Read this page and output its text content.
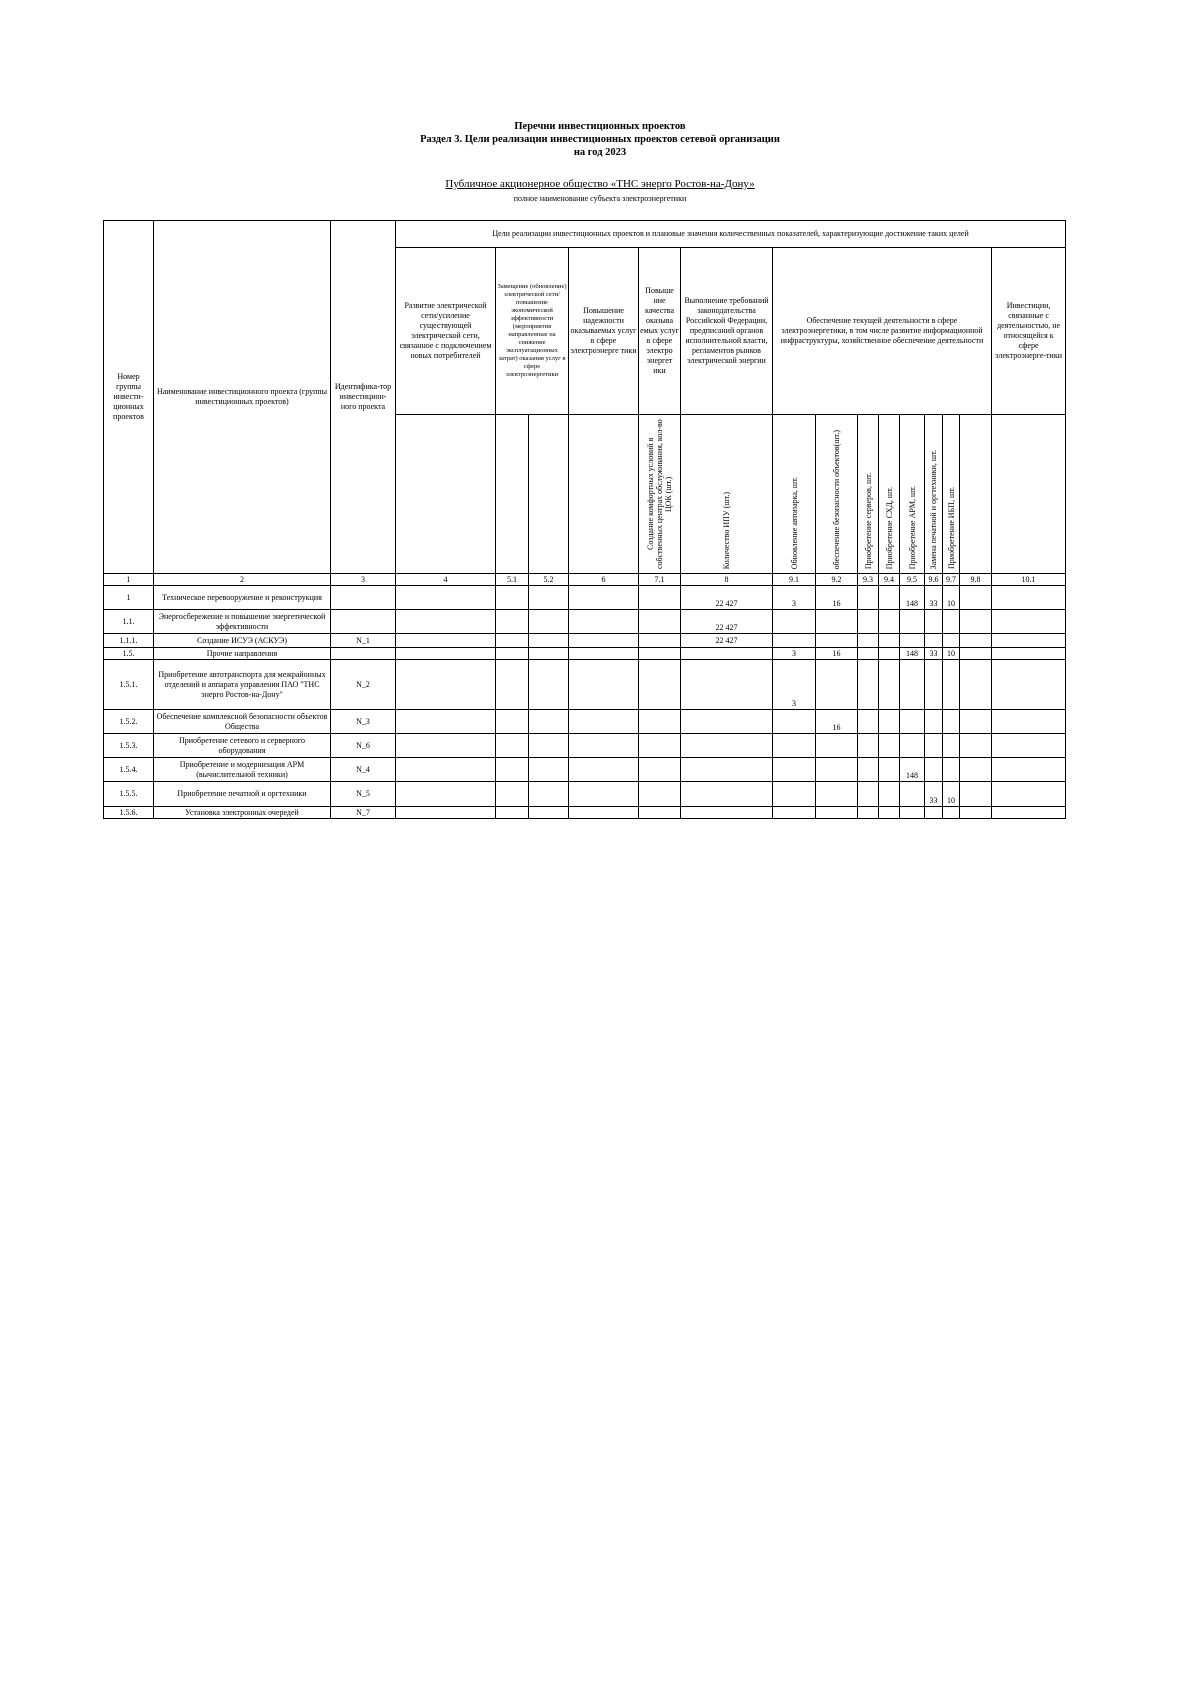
Перечни инвестиционных проектов
Раздел 3. Цели реализации инвестиционных проектов сетевой организации
на год 2023
Публичное акционерное общество «ТНС энерго Ростов-на-Дону»
полное наименование субъекта электроэнергетики
Номер группы инвести-ционных проектов	Наименование инвестиционного проекта (группы инвестиционных проектов)	Идентифика-тор инвестицион-ного проекта	Цели реализации инвестиционных проектов и плановые значения количественных показателей, характеризующие достижение таких целей														
			Развитие электрической сети/усиление существующей электрической сети, связанное с подключением новых потребителей	Замещение (обновление) электрической сети/повышение экономической эффективности (мероприятия направленные на снижение эксплуатационных затрат) оказания услуг в сфере электроэнергетики		Повышение надежности оказываемых услуг в сфере электроэнерге тики	Повыше ние качества оказыва емых услуг в сфере электро энергет ики	Выполнение требований законодательства Российской Федерации, предписаний органов исполнительной власти, регламентов рынков электрической энергии	Обеспечение текущей деятельности в сфере электроэнергетики, в том числе развитие информационной инфраструктуры, хозяйственное обеспечение деятельности								Инвестиции, связанные с деятельностью, не относящейся к сфере электроэнерге-тики

							Создание комфортных условий в собственных центрах обслуживания, кол-во ЦОК (шт.)	Количество ИПУ (шт.)	Обновление автопарка, шт.	обеспечение безопасности объектов(шт.)	Приобретение серверов, шт.	Приобретение СХД, шт.	Приобретение АРМ, шт.	Замена печатной и оргтехники, шт.	Приобретение ИБП, шт.		

1	2	3	4	5.1	5.2	6	7.1	8	9.1	9.2	9.3	9.4	9.5	9.6	9.7	9.8	10.1
1	Техническое перевооружение и реконструкция							22 427	3	16			148	33	10		
1.1.	Энергосбережение и повышение энергетической эффективности							22 427									
1.1.1.	Создание ИСУЭ (АСКУЭ)	N_1						22 427									
1.5.	Прочие направления								3	16			148	33	10		
1.5.1.	Приобретение автотранспорта для межрайонных отделений и аппарата управления ПАО "ТНС энерго Ростов-на-Дону"	N_2							3								
1.5.2.	Обеспечение комплексной безопасности объектов Общества	N_3								16							
1.5.3.	Приобретение сетевого и серверного оборудования	N_6															
1.5.4.	Приобретение и модернизация АРМ (вычислительной техники)	N_4											148				
1.5.5.	Приобретение печатной и оргтехники	N_5												33	10		
1.5.6.	Установка электронных очередей	N_7															
